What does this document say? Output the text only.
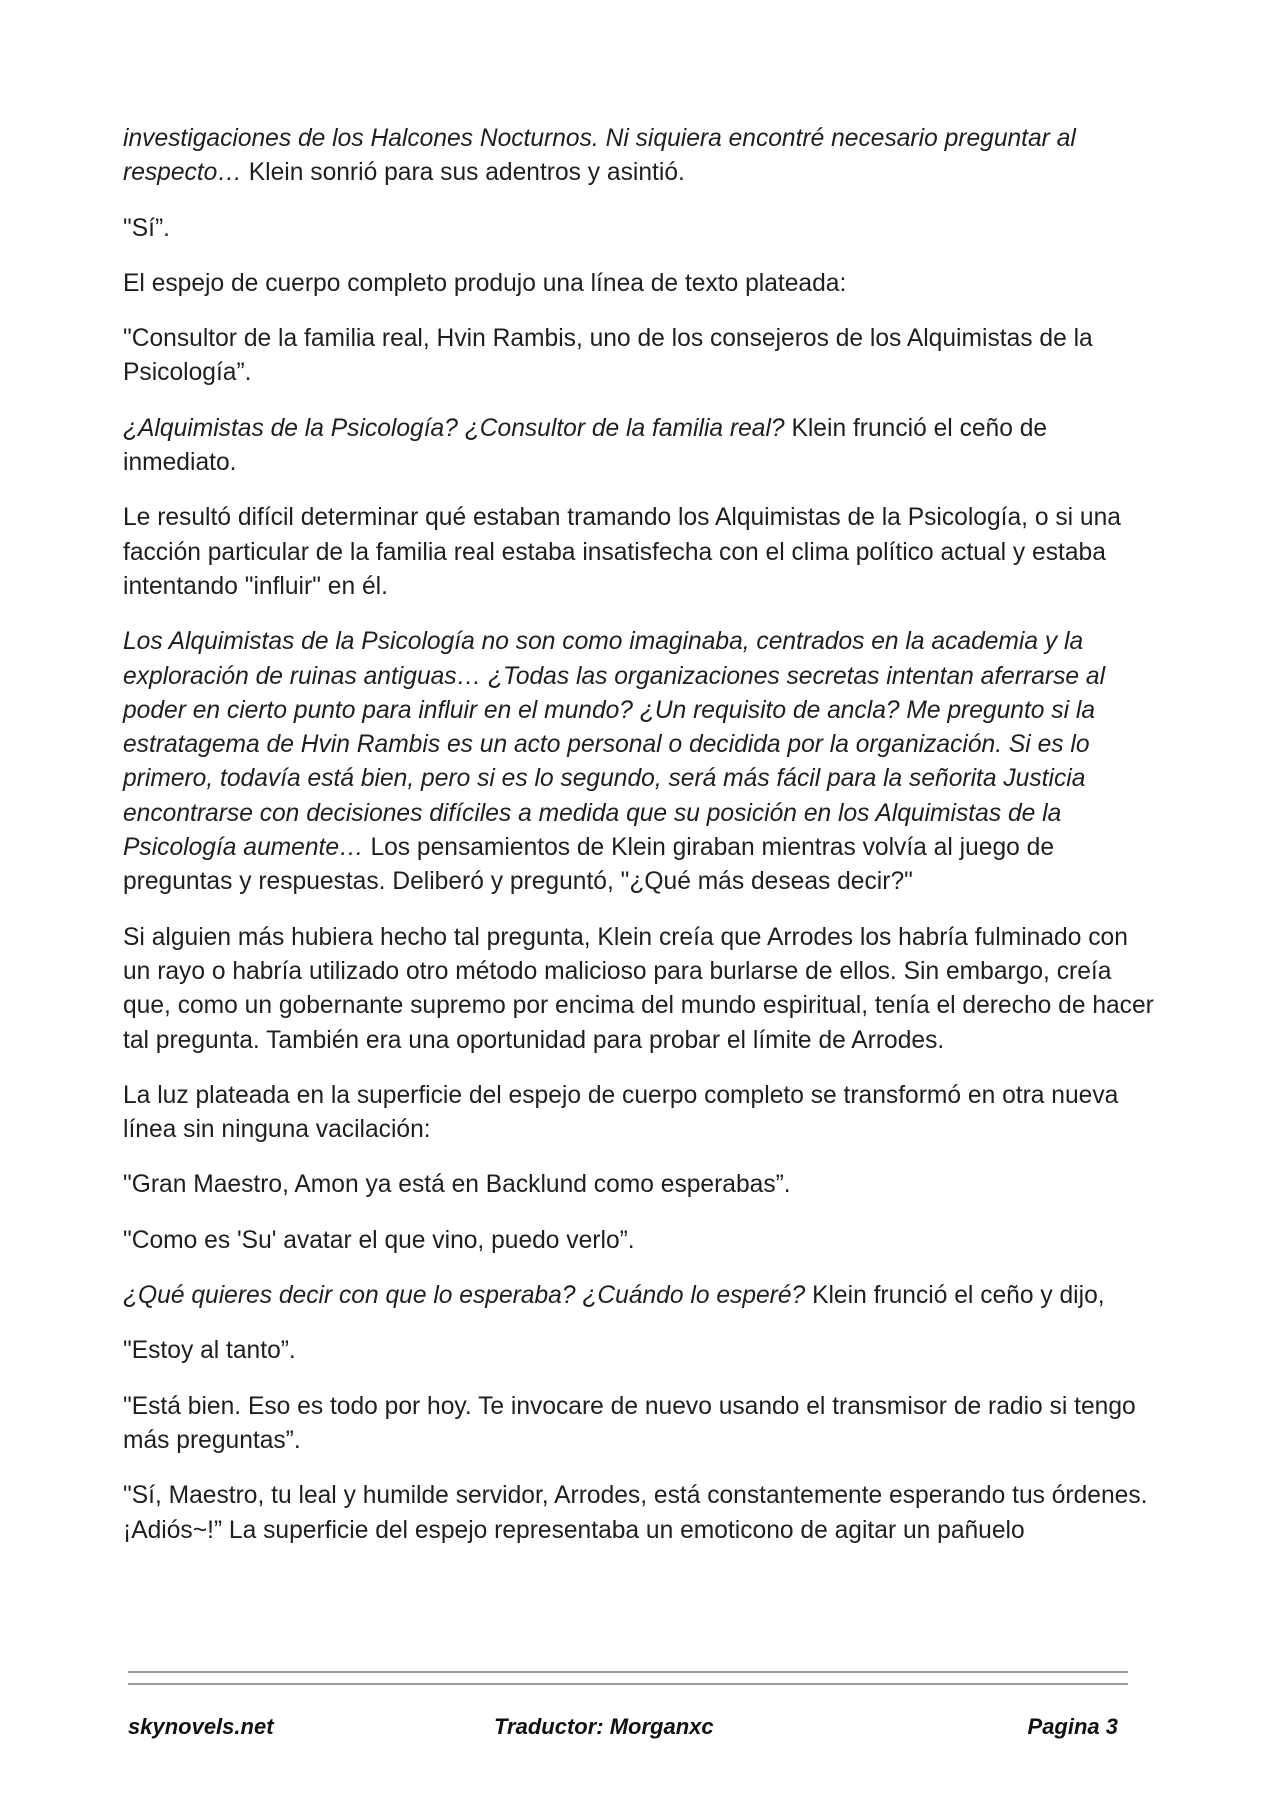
investigaciones de los Halcones Nocturnos. Ni siquiera encontré necesario preguntar al respecto… Klein sonrió para sus adentros y asintió.

"Sí”.

El espejo de cuerpo completo produjo una línea de texto plateada:

"Consultor de la familia real, Hvin Rambis, uno de los consejeros de los Alquimistas de la Psicología”.

¿Alquimistas de la Psicología? ¿Consultor de la familia real? Klein frunció el ceño de inmediato.

Le resultó difícil determinar qué estaban tramando los Alquimistas de la Psicología, o si una facción particular de la familia real estaba insatisfecha con el clima político actual y estaba intentando "influir" en él.

Los Alquimistas de la Psicología no son como imaginaba, centrados en la academia y la exploración de ruinas antiguas… ¿Todas las organizaciones secretas intentan aferrarse al poder en cierto punto para influir en el mundo? ¿Un requisito de ancla? Me pregunto si la estratagema de Hvin Rambis es un acto personal o decidida por la organización. Si es lo primero, todavía está bien, pero si es lo segundo, será más fácil para la señorita Justicia encontrarse con decisiones difíciles a medida que su posición en los Alquimistas de la Psicología aumente… Los pensamientos de Klein giraban mientras volvía al juego de preguntas y respuestas. Deliberó y preguntó, "¿Qué más deseas decir?"

Si alguien más hubiera hecho tal pregunta, Klein creía que Arrodes los habría fulminado con un rayo o habría utilizado otro método malicioso para burlarse de ellos. Sin embargo, creía que, como un gobernante supremo por encima del mundo espiritual, tenía el derecho de hacer tal pregunta. También era una oportunidad para probar el límite de Arrodes.

La luz plateada en la superficie del espejo de cuerpo completo se transformó en otra nueva línea sin ninguna vacilación:

"Gran Maestro, Amon ya está en Backlund como esperabas”.

"Como es 'Su' avatar el que vino, puedo verlo”.

¿Qué quieres decir con que lo esperaba? ¿Cuándo lo esperé? Klein frunció el ceño y dijo,

"Estoy al tanto”.

"Está bien. Eso es todo por hoy. Te invocare de nuevo usando el transmisor de radio si tengo más preguntas”.

"Sí, Maestro, tu leal y humilde servidor, Arrodes, está constantemente esperando tus órdenes. ¡Adiós~!” La superficie del espejo representaba un emoticono de agitar un pañuelo

skynovels.net	Traductor: Morganxc	Pagina 3
